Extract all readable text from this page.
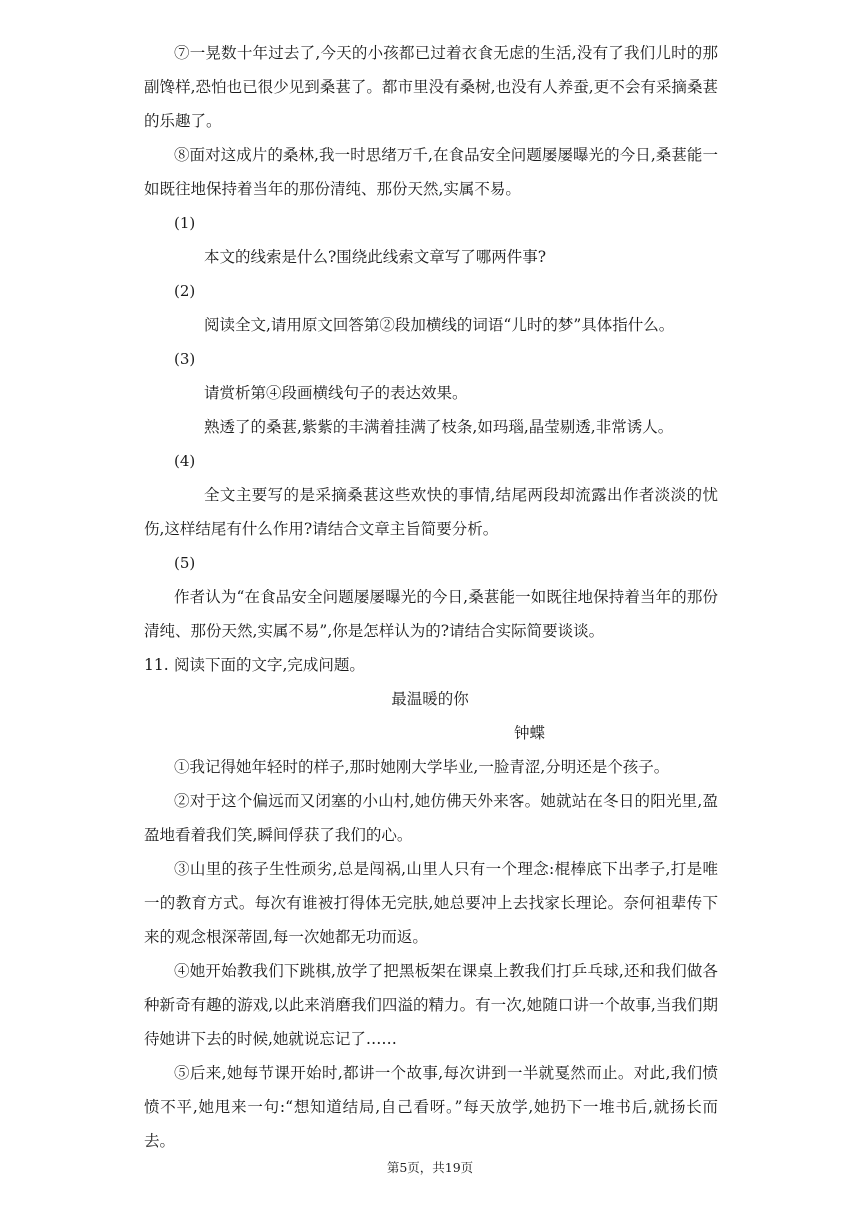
⑦一晃数十年过去了,今天的小孩都已过着衣食无虑的生活,没有了我们儿时的那副馋样,恐怕也已很少见到桑葚了。都市里没有桑树,也没有人养蚕,更不会有采摘桑葚的乐趣了。

⑧面对这成片的桑林,我一时思绪万千,在食品安全问题屡屡曝光的今日,桑葚能一如既往地保持着当年的那份清纯、那份天然,实属不易。

(1)
本文的线索是什么?围绕此线索文章写了哪两件事?
(2)
阅读全文,请用原文回答第②段加横线的词语“儿时的梦”具体指什么。
(3)
请赏析第④段画横线句子的表达效果。
熟透了的桑葚,紫紫的丰满着挂满了枝条,如玛瑙,晶莹剔透,非常诱人。
(4)

全文主要写的是采摘桑葚这些欢快的事情,结尾两段却流露出作者淡淡的忧伤,这样结尾有什么作用?请结合文章主旨简要分析。

(5)

作者认为“在食品安全问题屡屡曝光的今日,桑葚能一如既往地保持着当年的那份清纯、那份天然,实属不易”,你是怎样认为的?请结合实际简要谈谈。

11. 阅读下面的文字,完成问题。
最温暖的你
钟蝶

①我记得她年轻时的样子,那时她刚大学毕业,一脸青涩,分明还是个孩子。

②对于这个偏远而又闭塞的小山村,她仿佛天外来客。她就站在冬日的阳光里,盈盈地看着我们笑,瞬间俘获了我们的心。

③山里的孩子生性顽劣,总是闯祸,山里人只有一个理念:棍棒底下出孝子,打是唯一的教育方式。每次有谁被打得体无完肤,她总要冲上去找家长理论。奈何祖辈传下来的观念根深蒂固,每一次她都无功而返。

④她开始教我们下跳棋,放学了把黑板架在课桌上教我们打乒乓球,还和我们做各种新奇有趣的游戏,以此来消磨我们四溢的精力。有一次,她随口讲一个故事,当我们期待她讲下去的时候,她就说忘记了……

⑤后来,她每节课开始时,都讲一个故事,每次讲到一半就戛然而止。对此,我们愤愤不平,她甩来一句:“想知道结局,自己看呀。”每天放学,她扔下一堆书后,就扬长而去。

第5页，共19页
